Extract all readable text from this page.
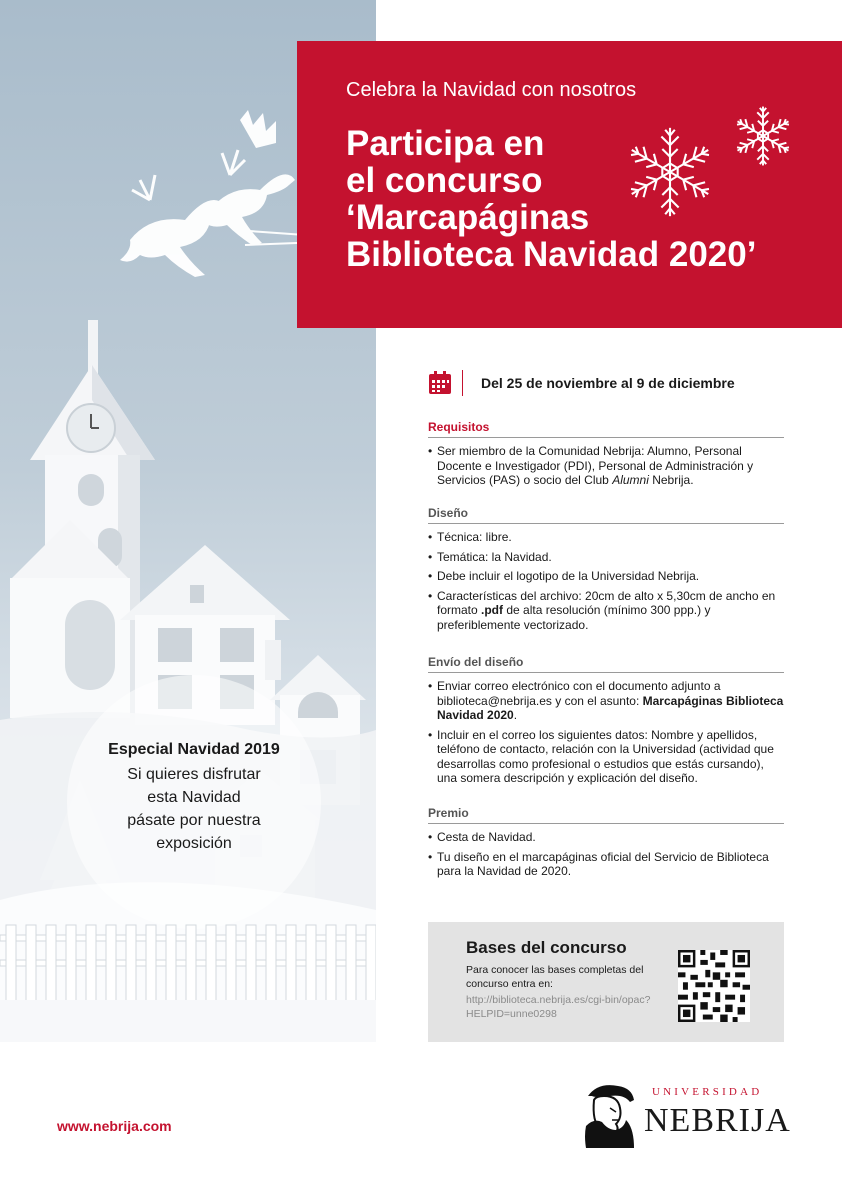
Especial Navidad 2019
Si quieres disfrutar
esta Navidad
pásate por nuestra
exposición
Celebra la Navidad con nosotros
Participa en
el concurso
‘Marcapáginas
Biblioteca Navidad 2020’
Del 25 de noviembre al 9 de diciembre
Requisitos
• Ser miembro de la Comunidad Nebrija: Alumno, Personal Docente e Investigador (PDI), Personal de Administración y Servicios (PAS) o socio del Club Alumni Nebrija.
Diseño
• Técnica: libre.
• Temática: la Navidad.
• Debe incluir el logotipo de la Universidad Nebrija.
• Características del archivo: 20cm de alto x 5,30cm de ancho en formato .pdf de alta resolución (mínimo 300 ppp.) y preferiblemente vectorizado.
Envío del diseño
• Enviar correo electrónico con el documento adjunto a biblioteca@nebrija.es y con el asunto: Marcapáginas Biblioteca Navidad 2020.
• Incluir en el correo los siguientes datos: Nombre y apellidos, teléfono de contacto, relación con la Universidad (actividad que desarrollas como profesional o estudios que estás cursando), una somera descripción y explicación del diseño.
Premio
• Cesta de Navidad.
• Tu diseño en el marcapáginas oficial del Servicio de Biblioteca para la Navidad de 2020.
Bases del concurso
Para conocer las bases completas del concurso entra en:
http://biblioteca.nebrija.es/cgi-bin/opac?HELPID=unne0298
www.nebrija.com
UNIVERSIDAD
NEBRIJA
